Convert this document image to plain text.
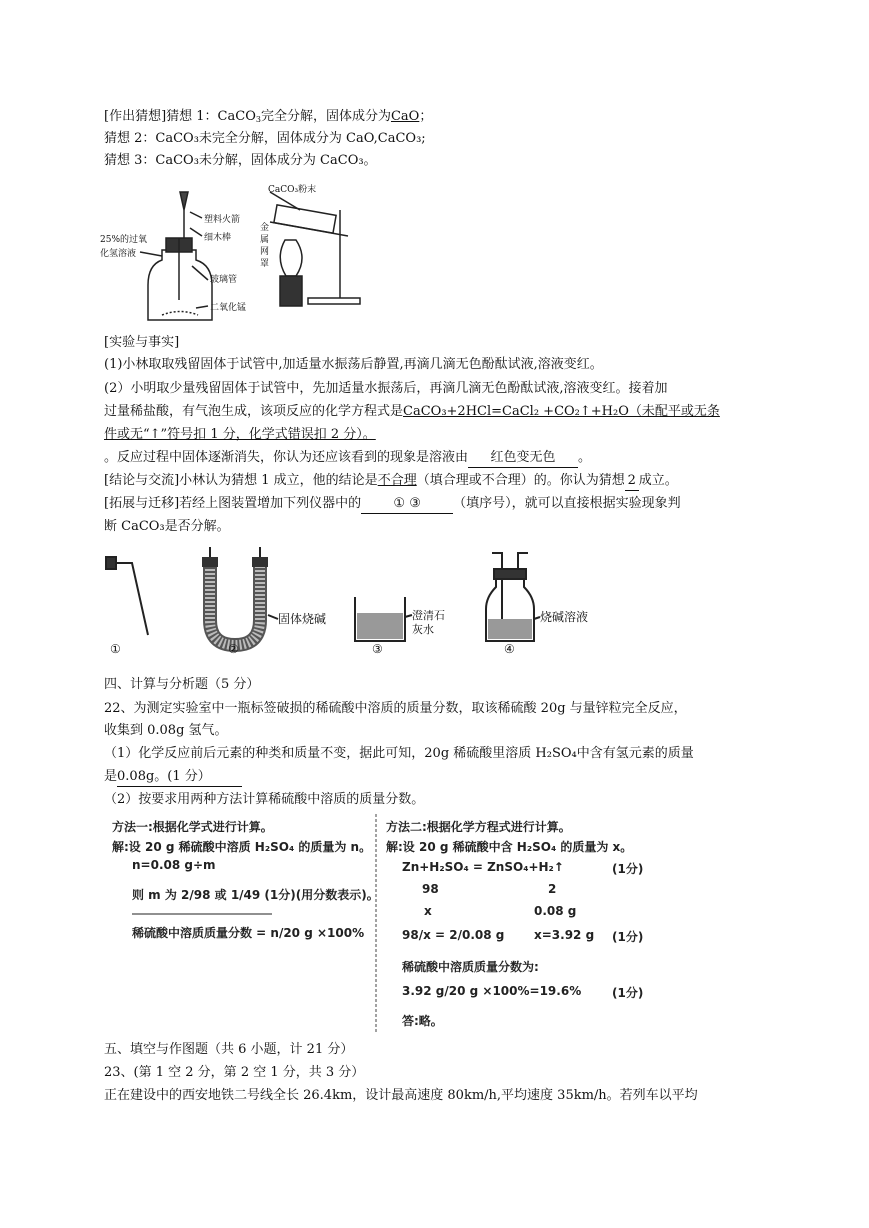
[作出猜想]猜想 1：CaCO$_3$完全分解，固体成分为CaO；
猜想 2：CaCO₃未完全分解，固体成分为 CaO,CaCO₃;
猜想 3：CaCO₃未分解，固体成分为 CaCO₃。
塑料火箭
细木棒
25%的过氧
化氢溶液
玻璃管
二氧化锰
CaCO₃粉末
金
属
网
罩
[实验与事实]
(1)小林取取残留固体于试管中,加适量水振荡后静置,再滴几滴无色酚酞试液,溶液变红。
(2）小明取少量残留固体于试管中，先加适量水振荡后，再滴几滴无色酚酞试液,溶液变红。接着加
过量稀盐酸，有气泡生成，该项反应的化学方程式是CaCO₃+2HCl=CaCl₂ +CO₂↑+H₂O（未配平或无条
件或无“↑”符号扣 1 分，化学式错误扣 2 分）。
。反应过程中固体逐渐消失，你认为还应该看到的现象是溶液由 红色变无色 。
[结论与交流]小林认为猜想 1 成立，他的结论是不合理（填合理或不合理）的。你认为猜想 2 成立。
[拓展与迁移]若经上图装置增加下列仪器中的 ① ③ （填序号），就可以直接根据实验现象判
断 CaCO₃是否分解。
①	②	③	④
固体烧碱	澄清石
灰水
烧碱溶液
四、计算与分析题（5 分）
22、为测定实验室中一瓶标签破损的稀硫酸中溶质的质量分数，取该稀硫酸 20g 与量锌粒完全反应，
收集到 0.08g 氢气。
（1）化学反应前后元素的种类和质量不变，据此可知，20g 稀硫酸里溶质 H₂SO₄中含有氢元素的质量
是0.08g。(1 分）
（2）按要求用两种方法计算稀硫酸中溶质的质量分数。
方法一:根据化学式进行计算。
解:设 20 g 稀硫酸中溶质 H₂SO₄ 的质量为 n。
n=0.08 g÷m
则 m 为 2/98 或 1/49 (1分)(用分数表示)。
稀硫酸中溶质质量分数 = n/20 g ×100%
方法二:根据化学方程式进行计算。
解:设 20 g 稀硫酸中含 H₂SO₄ 的质量为 x。
Zn+H₂SO₄ = ZnSO₄+H₂↑	(1分)
98	2
x	0.08 g
98/x = 2/0.08 g x=3.92 g (1分)
稀硫酸中溶质质量分数为:
3.92 g/20 g ×100%=19.6%	(1分)
答:略。
五、填空与作图题（共 6 小题，计 21 分）
23、(第 1 空 2 分，第 2 空 1 分，共 3 分）
正在建设中的西安地铁二号线全长 26.4km，设计最高速度 80km/h,平均速度 35km/h。若列车以平均
